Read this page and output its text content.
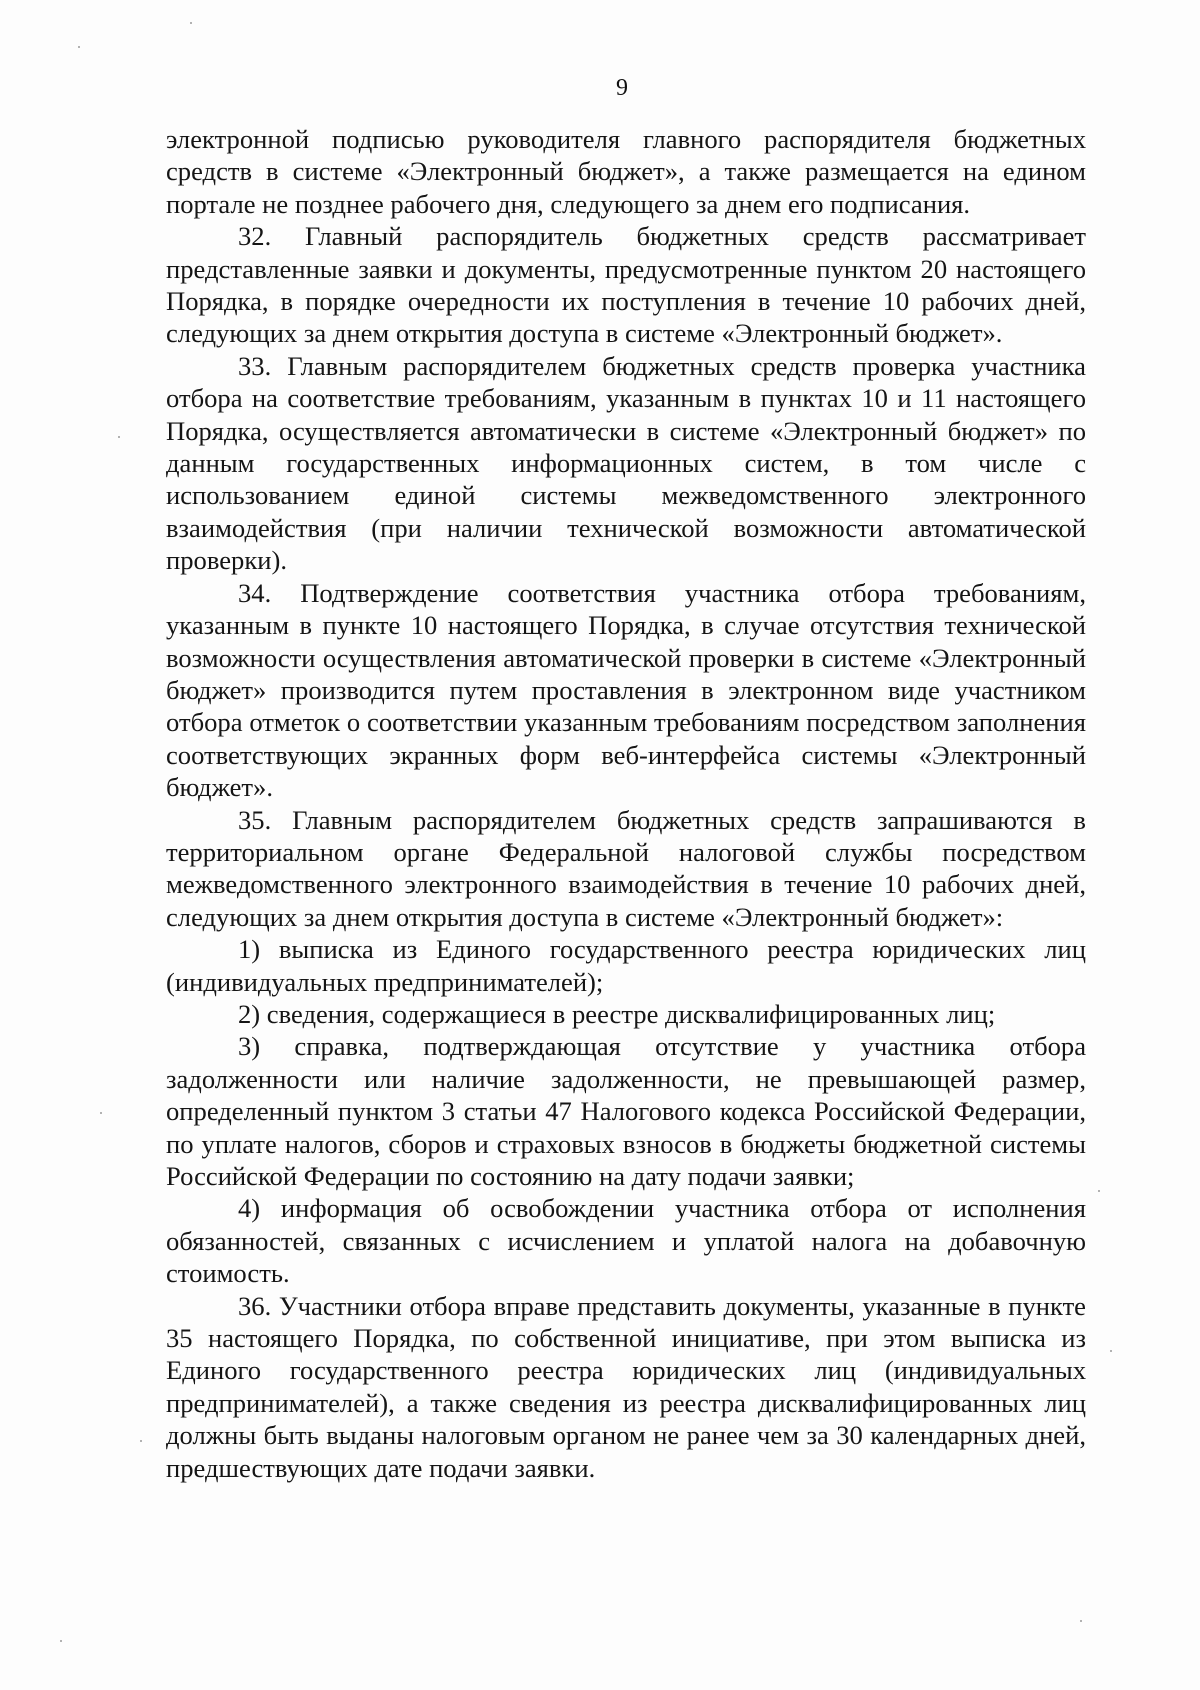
9

электронной подписью руководителя главного распорядителя бюджетных средств в системе «Электронный бюджет», а также размещается на едином портале не позднее рабочего дня, следующего за днем его подписания.

32. Главный распорядитель бюджетных средств рассматривает представленные заявки и документы, предусмотренные пунктом 20 настоящего Порядка, в порядке очередности их поступления в течение 10 рабочих дней, следующих за днем открытия доступа в системе «Электронный бюджет».

33. Главным распорядителем бюджетных средств проверка участника отбора на соответствие требованиям, указанным в пунктах 10 и 11 настоящего Порядка, осуществляется автоматически в системе «Электронный бюджет» по данным государственных информационных систем, в том числе с использованием единой системы межведомственного электронного взаимодействия (при наличии технической возможности автоматической проверки).

34. Подтверждение соответствия участника отбора требованиям, указанным в пункте 10 настоящего Порядка, в случае отсутствия технической возможности осуществления автоматической проверки в системе «Электронный бюджет» производится путем проставления в электронном виде участником отбора отметок о соответствии указанным требованиям посредством заполнения соответствующих экранных форм веб-интерфейса системы «Электронный бюджет».

35. Главным распорядителем бюджетных средств запрашиваются в территориальном органе Федеральной налоговой службы посредством межведомственного электронного взаимодействия в течение 10 рабочих дней, следующих за днем открытия доступа в системе «Электронный бюджет»:

1) выписка из Единого государственного реестра юридических лиц (индивидуальных предпринимателей);

2) сведения, содержащиеся в реестре дисквалифицированных лиц;

3) справка, подтверждающая отсутствие у участника отбора задолженности или наличие задолженности, не превышающей размер, определенный пунктом 3 статьи 47 Налогового кодекса Российской Федерации, по уплате налогов, сборов и страховых взносов в бюджеты бюджетной системы Российской Федерации по состоянию на дату подачи заявки;

4) информация об освобождении участника отбора от исполнения обязанностей, связанных с исчислением и уплатой налога на добавочную стоимость.

36. Участники отбора вправе представить документы, указанные в пункте 35 настоящего Порядка, по собственной инициативе, при этом выписка из Единого государственного реестра юридических лиц (индивидуальных предпринимателей), а также сведения из реестра дисквалифицированных лиц должны быть выданы налоговым органом не ранее чем за 30 календарных дней, предшествующих дате подачи заявки.
